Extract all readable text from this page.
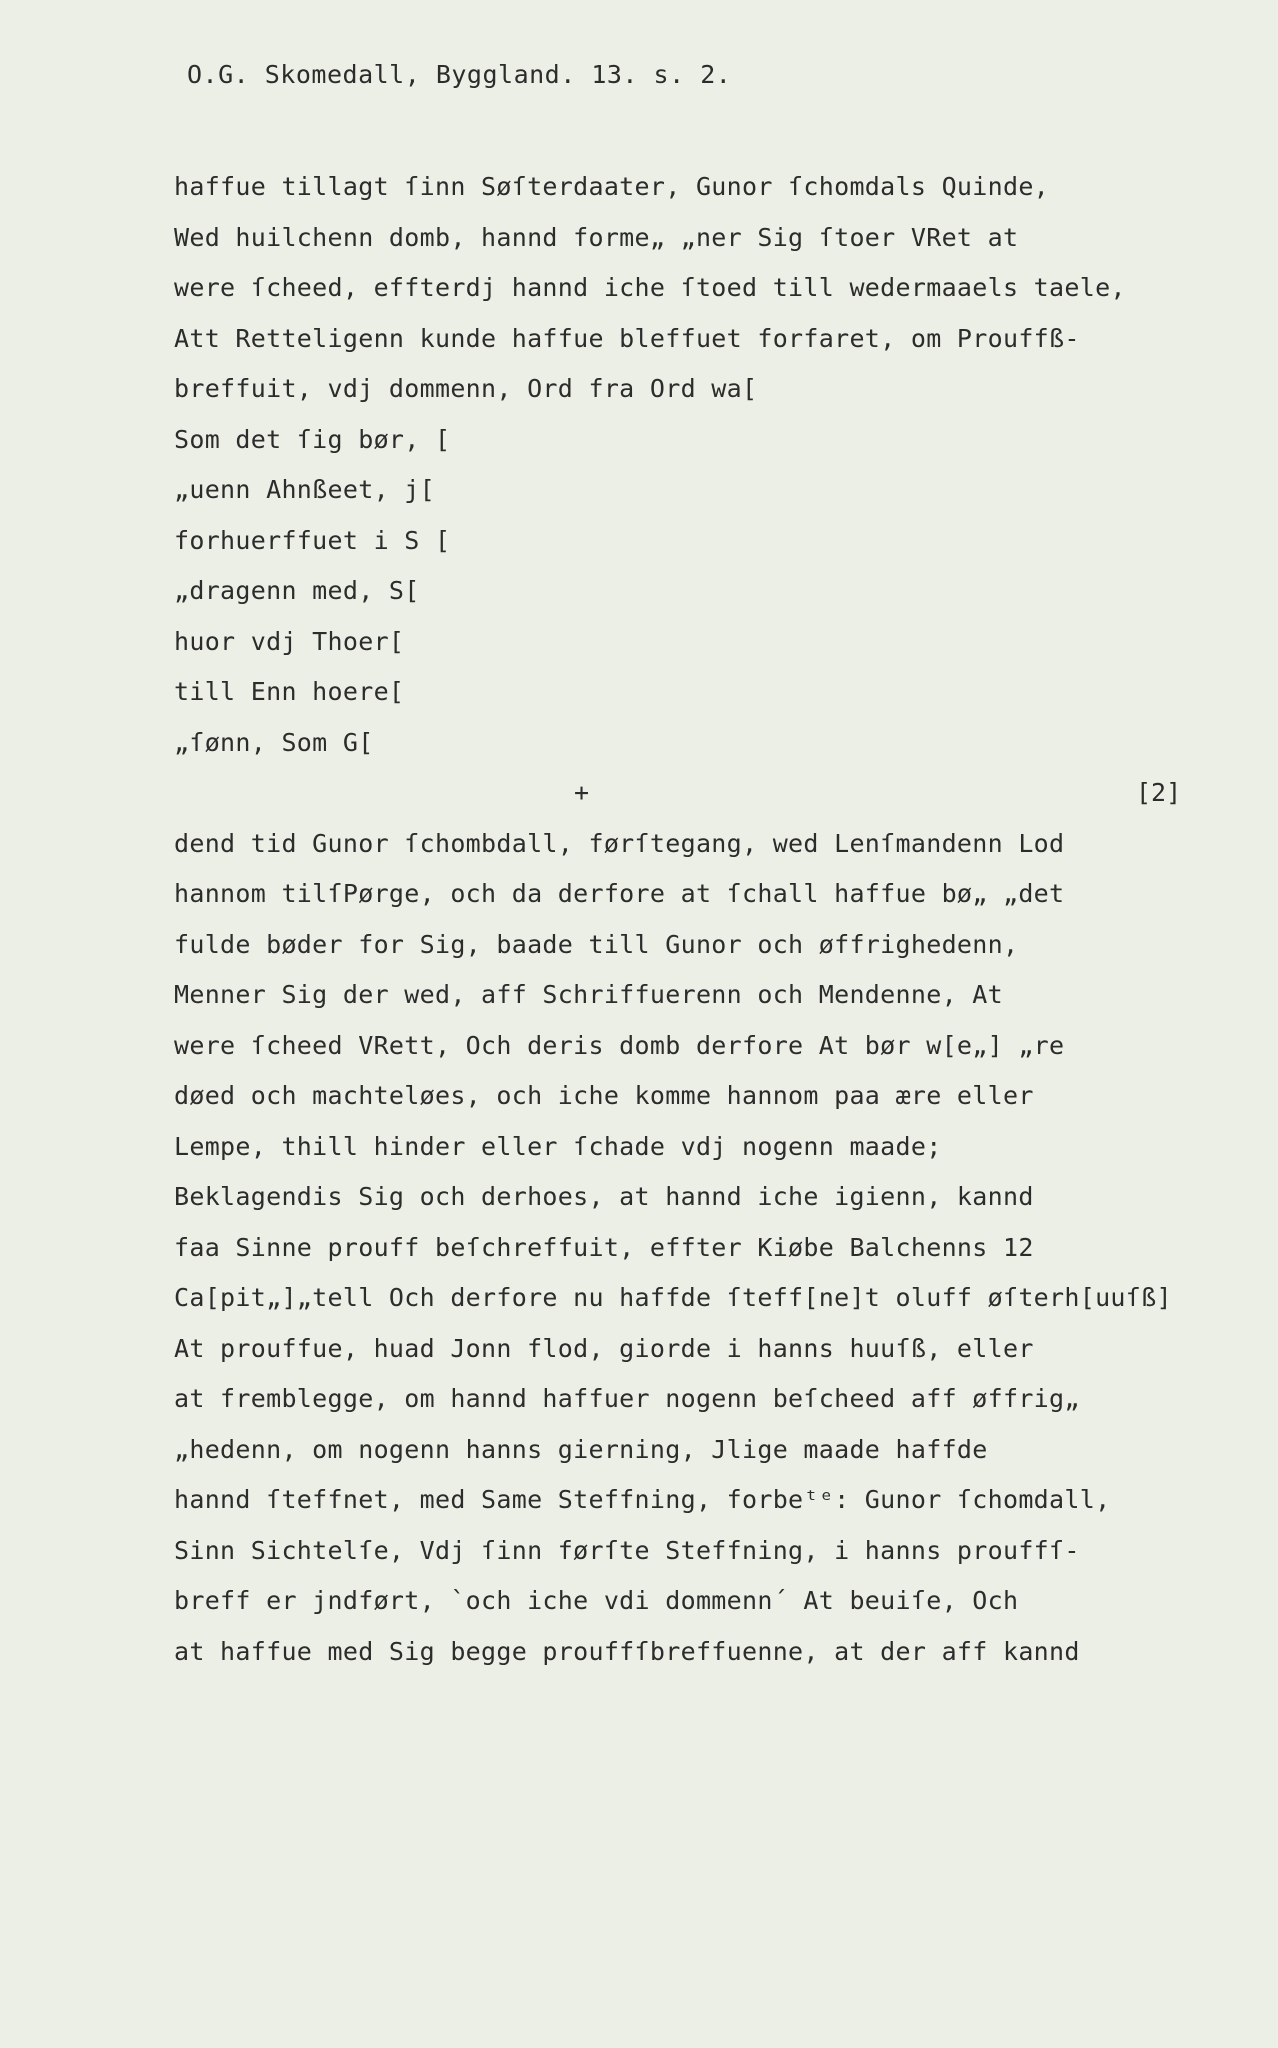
O.G. Skomedall, Byggland. 13. s. 2.
haffue tillagt ſinn Søſterdaater, Gunor ſchomdals Quinde,
Wed huilchenn domb, hannd forme„ „ner Sig ſtoer VRet at
were ſcheed, effterdj hannd iche ſtoed till wedermaaels taele,
Att Retteligenn kunde haffue bleffuet forfaret, om Prouffß-
breffuit, vdj dommenn, Ord fra Ord wa[
Som det ſig bør, [
„uenn Ahnßeet, j[
forhuerffuet i S [
„dragenn med, S[
huor vdj Thoer[
till Enn hoere[
„ſønn, Som G[
+	[2]
dend tid Gunor ſchombdall, førſtegang, wed Lenſmandenn Lod
hannom tilſPørge, och da derfore at ſchall haffue bø„ „det
fulde bøder for Sig, baade till Gunor och øffrighedenn,
Menner Sig der wed, aff Schriffuerenn och Mendenne, At
were ſcheed VRett, Och deris domb derfore At bør w[e„] „re
døed och machteløes, och iche komme hannom paa ære eller
Lempe, thill hinder eller ſchade vdj nogenn maade;
Beklagendis Sig och derhoes, at hannd iche igienn, kannd
faa Sinne prouff beſchreffuit, effter Kiøbe Balchenns 12
Ca[pit„]„tell Och derfore nu haffde ſteff[ne]t oluff øſterh[uuſß]
At prouffue, huad Jonn flod, giorde i hanns huuſß, eller
at fremblegge, om hannd haffuer nogenn beſcheed aff øffrig„
„hedenn, om nogenn hanns gierning, Jlige maade haffde
hannd ſteffnet, med Same Steffning, forbeᵗᵉ: Gunor ſchomdall,
Sinn Sichtelſe, Vdj ſinn førſte Steffning, i hanns prouffſ-
breff er jndført, `och iche vdi dommenn´ At beuiſe, Och
at haffue med Sig begge prouffſbreffuenne, at der aff kannd
